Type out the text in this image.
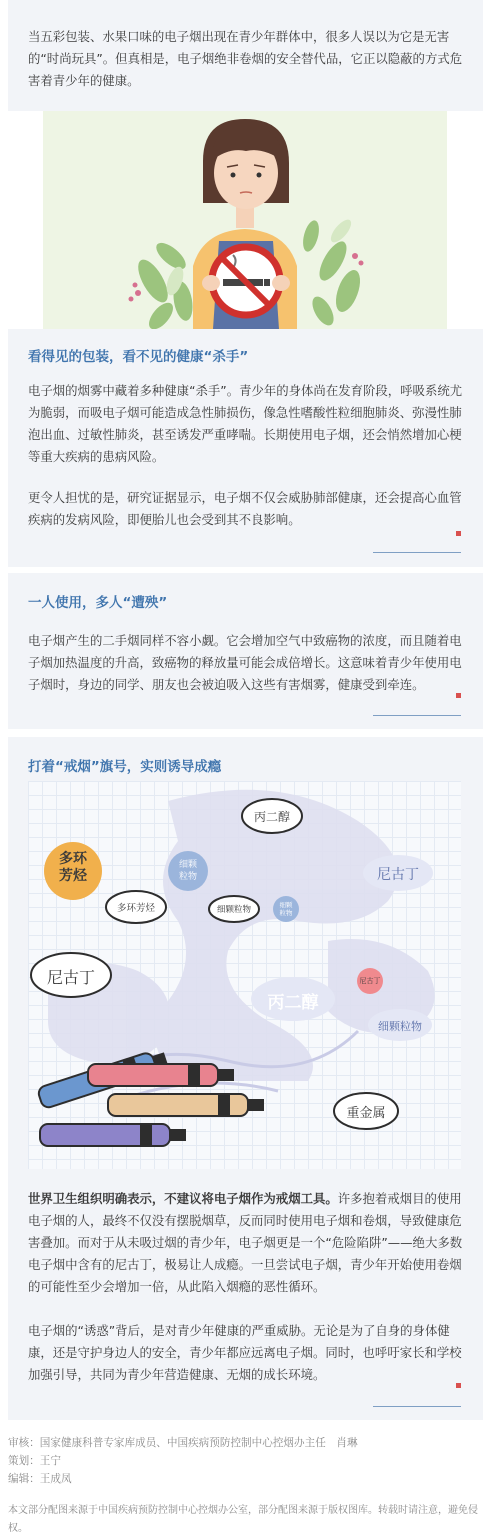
当五彩包装、水果口味的电子烟出现在青少年群体中，很多人误以为它是无害的“时尚玩具”。但真相是，电子烟绝非卷烟的安全替代品，它正以隐蔽的方式危害着青少年的健康。

看得见的包装，看不见的健康“杀手”

电子烟的烟雾中藏着多种健康“杀手”。青少年的身体尚在发育阶段，呼吸系统尤为脆弱，而吸电子烟可能造成急性肺损伤，像急性嗜酸性粒细胞肺炎、弥漫性肺泡出血、过敏性肺炎，甚至诱发严重哮喘。长期使用电子烟，还会悄然增加心梗等重大疾病的患病风险。

更令人担忧的是，研究证据显示，电子烟不仅会威胁肺部健康，还会提高心血管疾病的发病风险，即便胎儿也会受到其不良影响。

一人使用，多人“遭殃”

电子烟产生的二手烟同样不容小觑。它会增加空气中致癌物的浓度，而且随着电子烟加热温度的升高，致癌物的释放量可能会成倍增长。这意味着青少年使用电子烟时，身边的同学、朋友也会被迫吸入这些有害烟雾，健康受到牵连。

打着“戒烟”旗号，实则诱导成瘾

多环
芳烃
多环芳烃
细颗
粒物
细颗粒物	细颗
粒物
丙二醇
尼古丁
尼古丁
丙二醇
尼古丁
细颗粒物
重金属

世界卫生组织明确表示，不建议将电子烟作为戒烟工具。许多抱着戒烟目的使用电子烟的人，最终不仅没有摆脱烟草，反而同时使用电子烟和卷烟，导致健康危害叠加。而对于从未吸过烟的青少年，电子烟更是一个“危险陷阱”——绝大多数电子烟中含有的尼古丁，极易让人成瘾。一旦尝试电子烟，青少年开始使用卷烟的可能性至少会增加一倍，从此陷入烟瘾的恶性循环。

电子烟的“诱惑”背后，是对青少年健康的严重威胁。无论是为了自身的身体健康，还是守护身边人的安全，青少年都应远离电子烟。同时，也呼吁家长和学校加强引导，共同为青少年营造健康、无烟的成长环境。

审核：国家健康科普专家库成员、中国疾病预防控制中心控烟办主任　肖琳

策划：王宁

编辑：王成凤

本文部分配图来源于中国疾病预防控制中心控烟办公室，部分配图来源于版权图库。转载时请注意，避免侵权。
